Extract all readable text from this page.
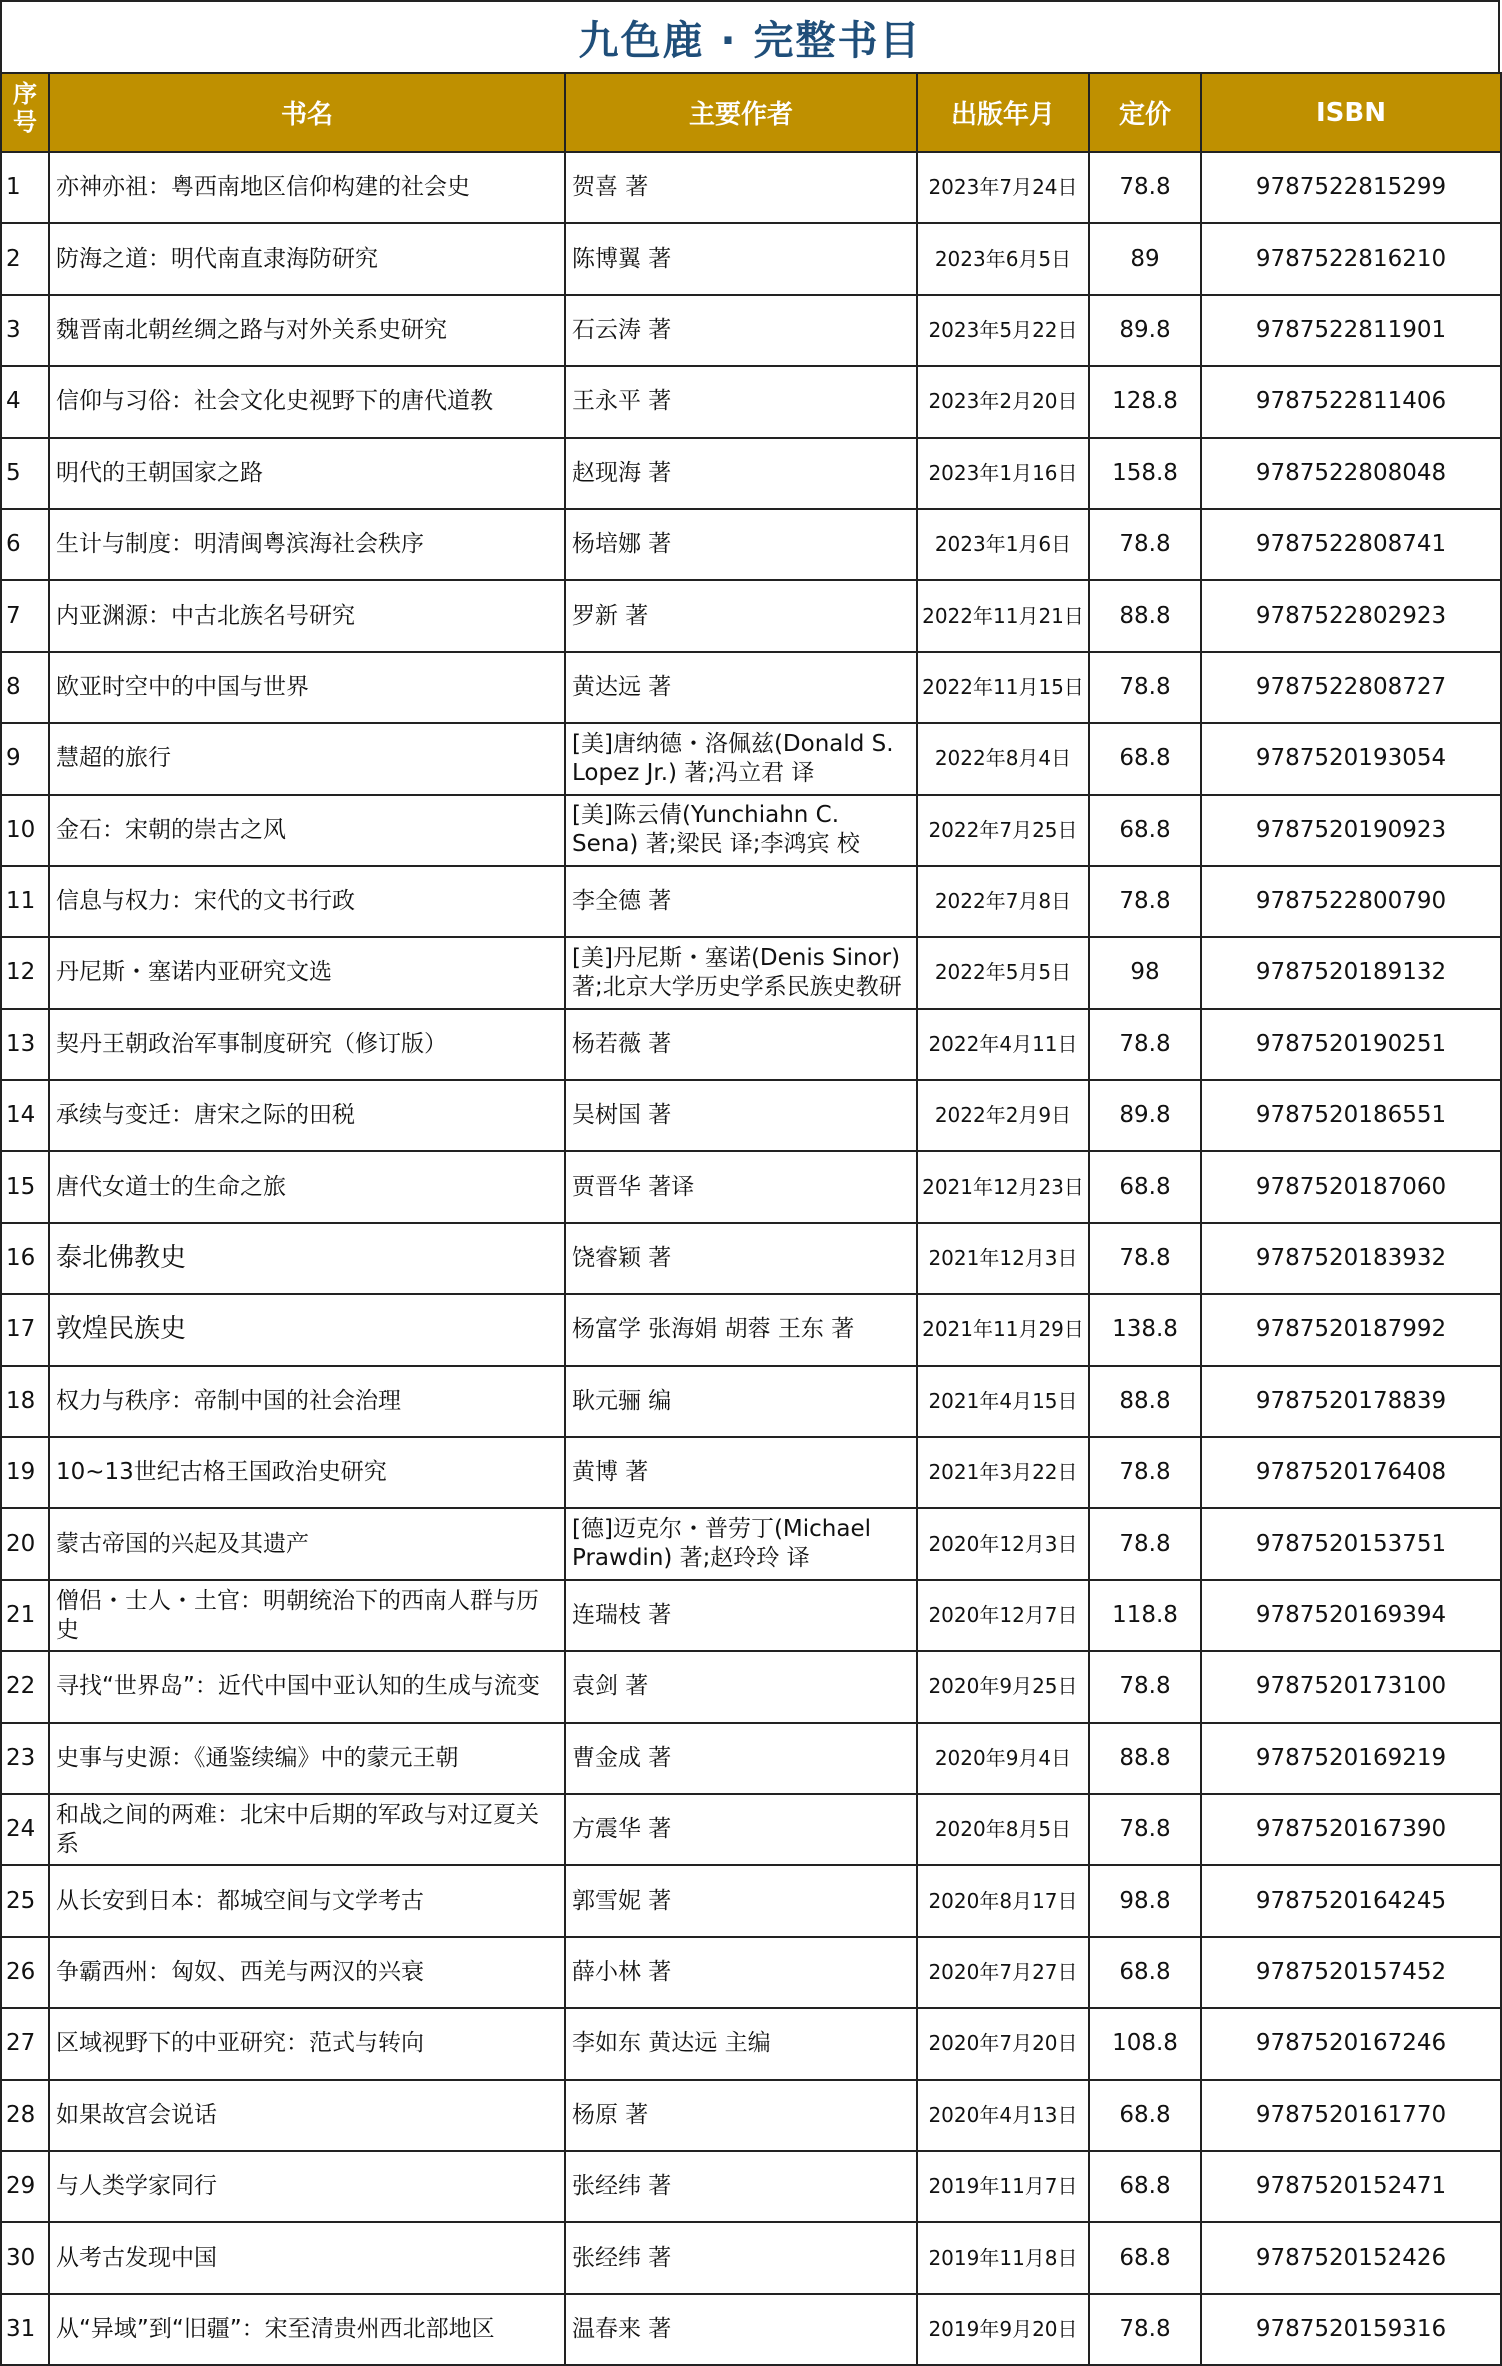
九色鹿 · 完整书目
序号	书名	主要作者	出版年月	定价	ISBN
1	亦神亦祖：粤西南地区信仰构建的社会史	贺喜 著	2023年7月24日	78.8	9787522815299
2	防海之道：明代南直隶海防研究	陈博翼 著	2023年6月5日	89	9787522816210
3	魏晋南北朝丝绸之路与对外关系史研究	石云涛 著	2023年5月22日	89.8	9787522811901
4	信仰与习俗：社会文化史视野下的唐代道教	王永平 著	2023年2月20日	128.8	9787522811406
5	明代的王朝国家之路	赵现海 著	2023年1月16日	158.8	9787522808048
6	生计与制度：明清闽粤滨海社会秩序	杨培娜 著	2023年1月6日	78.8	9787522808741
7	内亚渊源：中古北族名号研究	罗新 著	2022年11月21日	88.8	9787522802923
8	欧亚时空中的中国与世界	黄达远 著	2022年11月15日	78.8	9787522808727
9	慧超的旅行	[美]唐纳德・洛佩兹(Donald S. Lopez Jr.) 著;冯立君 译	2022年8月4日	68.8	9787520193054
10	金石：宋朝的崇古之风	[美]陈云倩(Yunchiahn C. Sena) 著;梁民 译;李鸿宾 校	2022年7月25日	68.8	9787520190923
11	信息与权力：宋代的文书行政	李全德 著	2022年7月8日	78.8	9787522800790
12	丹尼斯・塞诺内亚研究文选	[美]丹尼斯・塞诺(Denis Sinor) 著;北京大学历史学系民族史教研	2022年5月5日	98	9787520189132
13	契丹王朝政治军事制度研究（修订版）	杨若薇 著	2022年4月11日	78.8	9787520190251
14	承续与变迁：唐宋之际的田税	吴树国 著	2022年2月9日	89.8	9787520186551
15	唐代女道士的生命之旅	贾晋华 著译	2021年12月23日	68.8	9787520187060
16	泰北佛教史	饶睿颖 著	2021年12月3日	78.8	9787520183932
17	敦煌民族史	杨富学 张海娟 胡蓉 王东 著	2021年11月29日	138.8	9787520187992
18	权力与秩序：帝制中国的社会治理	耿元骊 编	2021年4月15日	88.8	9787520178839
19	10~13世纪古格王国政治史研究	黄博 著	2021年3月22日	78.8	9787520176408
20	蒙古帝国的兴起及其遗产	[德]迈克尔・普劳丁(Michael Prawdin) 著;赵玲玲 译	2020年12月3日	78.8	9787520153751
21	僧侣・士人・土官：明朝统治下的西南人群与历史	连瑞枝 著	2020年12月7日	118.8	9787520169394
22	寻找“世界岛”：近代中国中亚认知的生成与流变	袁剑 著	2020年9月25日	78.8	9787520173100
23	史事与史源：《通鉴续编》中的蒙元王朝	曹金成 著	2020年9月4日	88.8	9787520169219
24	和战之间的两难：北宋中后期的军政与对辽夏关系	方震华 著	2020年8月5日	78.8	9787520167390
25	从长安到日本：都城空间与文学考古	郭雪妮 著	2020年8月17日	98.8	9787520164245
26	争霸西州：匈奴、西羌与两汉的兴衰	薛小林 著	2020年7月27日	68.8	9787520157452
27	区域视野下的中亚研究：范式与转向	李如东 黄达远 主编	2020年7月20日	108.8	9787520167246
28	如果故宫会说话	杨原 著	2020年4月13日	68.8	9787520161770
29	与人类学家同行	张经纬 著	2019年11月7日	68.8	9787520152471
30	从考古发现中国	张经纬 著	2019年11月8日	68.8	9787520152426
31	从“异域”到“旧疆”：宋至清贵州西北部地区	温春来 著	2019年9月20日	78.8	9787520159316
